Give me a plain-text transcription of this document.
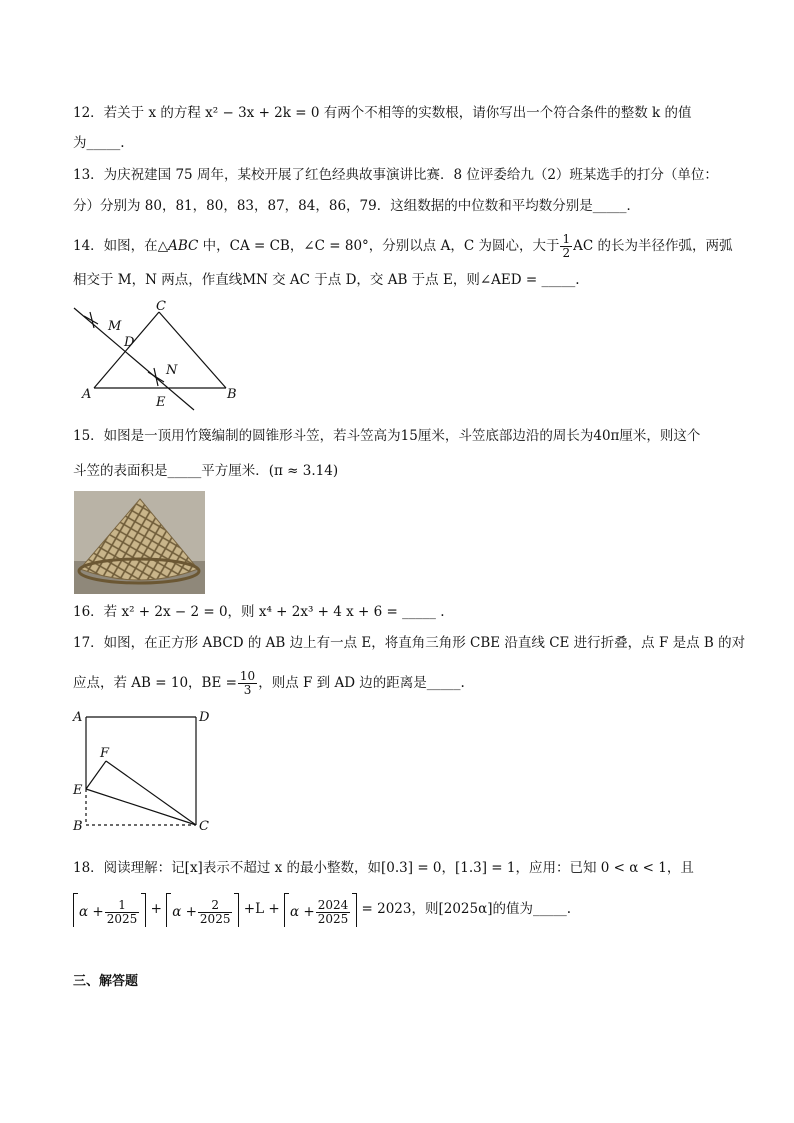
12．若关于 x 的方程 x² − 3x + 2k = 0 有两个不相等的实数根，请你写出一个符合条件的整数 k 的值
为_____.
13．为庆祝建国 75 周年，某校开展了红色经典故事演讲比赛．8 位评委给九（2）班某选手的打分（单位：
分）分别为 80，81，80，83，87，84，86，79．这组数据的中位数和平均数分别是_____．
14．如图，在△ABC 中，CA = CB，∠C = 80°，分别以点 A，C 为圆心，大于 $\frac{1}{2}$ AC 的长为半径作弧，两弧
相交于 M，N 两点，作直线MN 交 AC 于点 D，交 AB 于点 E，则∠AED = _____.
C
M
D
N
A
E
B
15．如图是一顶用竹篾编制的圆锥形斗笠，若斗笠高为15厘米，斗笠底部边沿的周长为40π厘米，则这个
斗笠的表面积是_____平方厘米．(π ≈ 3.14)
16．若 x² + 2x − 2 = 0，则 x⁴ + 2x³ + 4 x + 6 = _____ .
17．如图，在正方形 ABCD 的 AB 边上有一点 E，将直角三角形 CBE 沿直线 CE 进行折叠，点 F 是点 B 的对
应点，若 AB = 10，BE = $\frac{10}{3}$ ，则点 F 到 AD 边的距离是_____.
A	D
F
E
B	C
18．阅读理解：记[x]表示不超过 x 的最小整数，如[0.3] = 0，[1.3] = 1，应用：已知 0 < α < 1，且
$\alpha + \frac{1}{2025} + \alpha + \frac{2}{2025} +L + \alpha + \frac{2024}{2025} = 2023$，则[2025α]的值为_____.
三、解答题
